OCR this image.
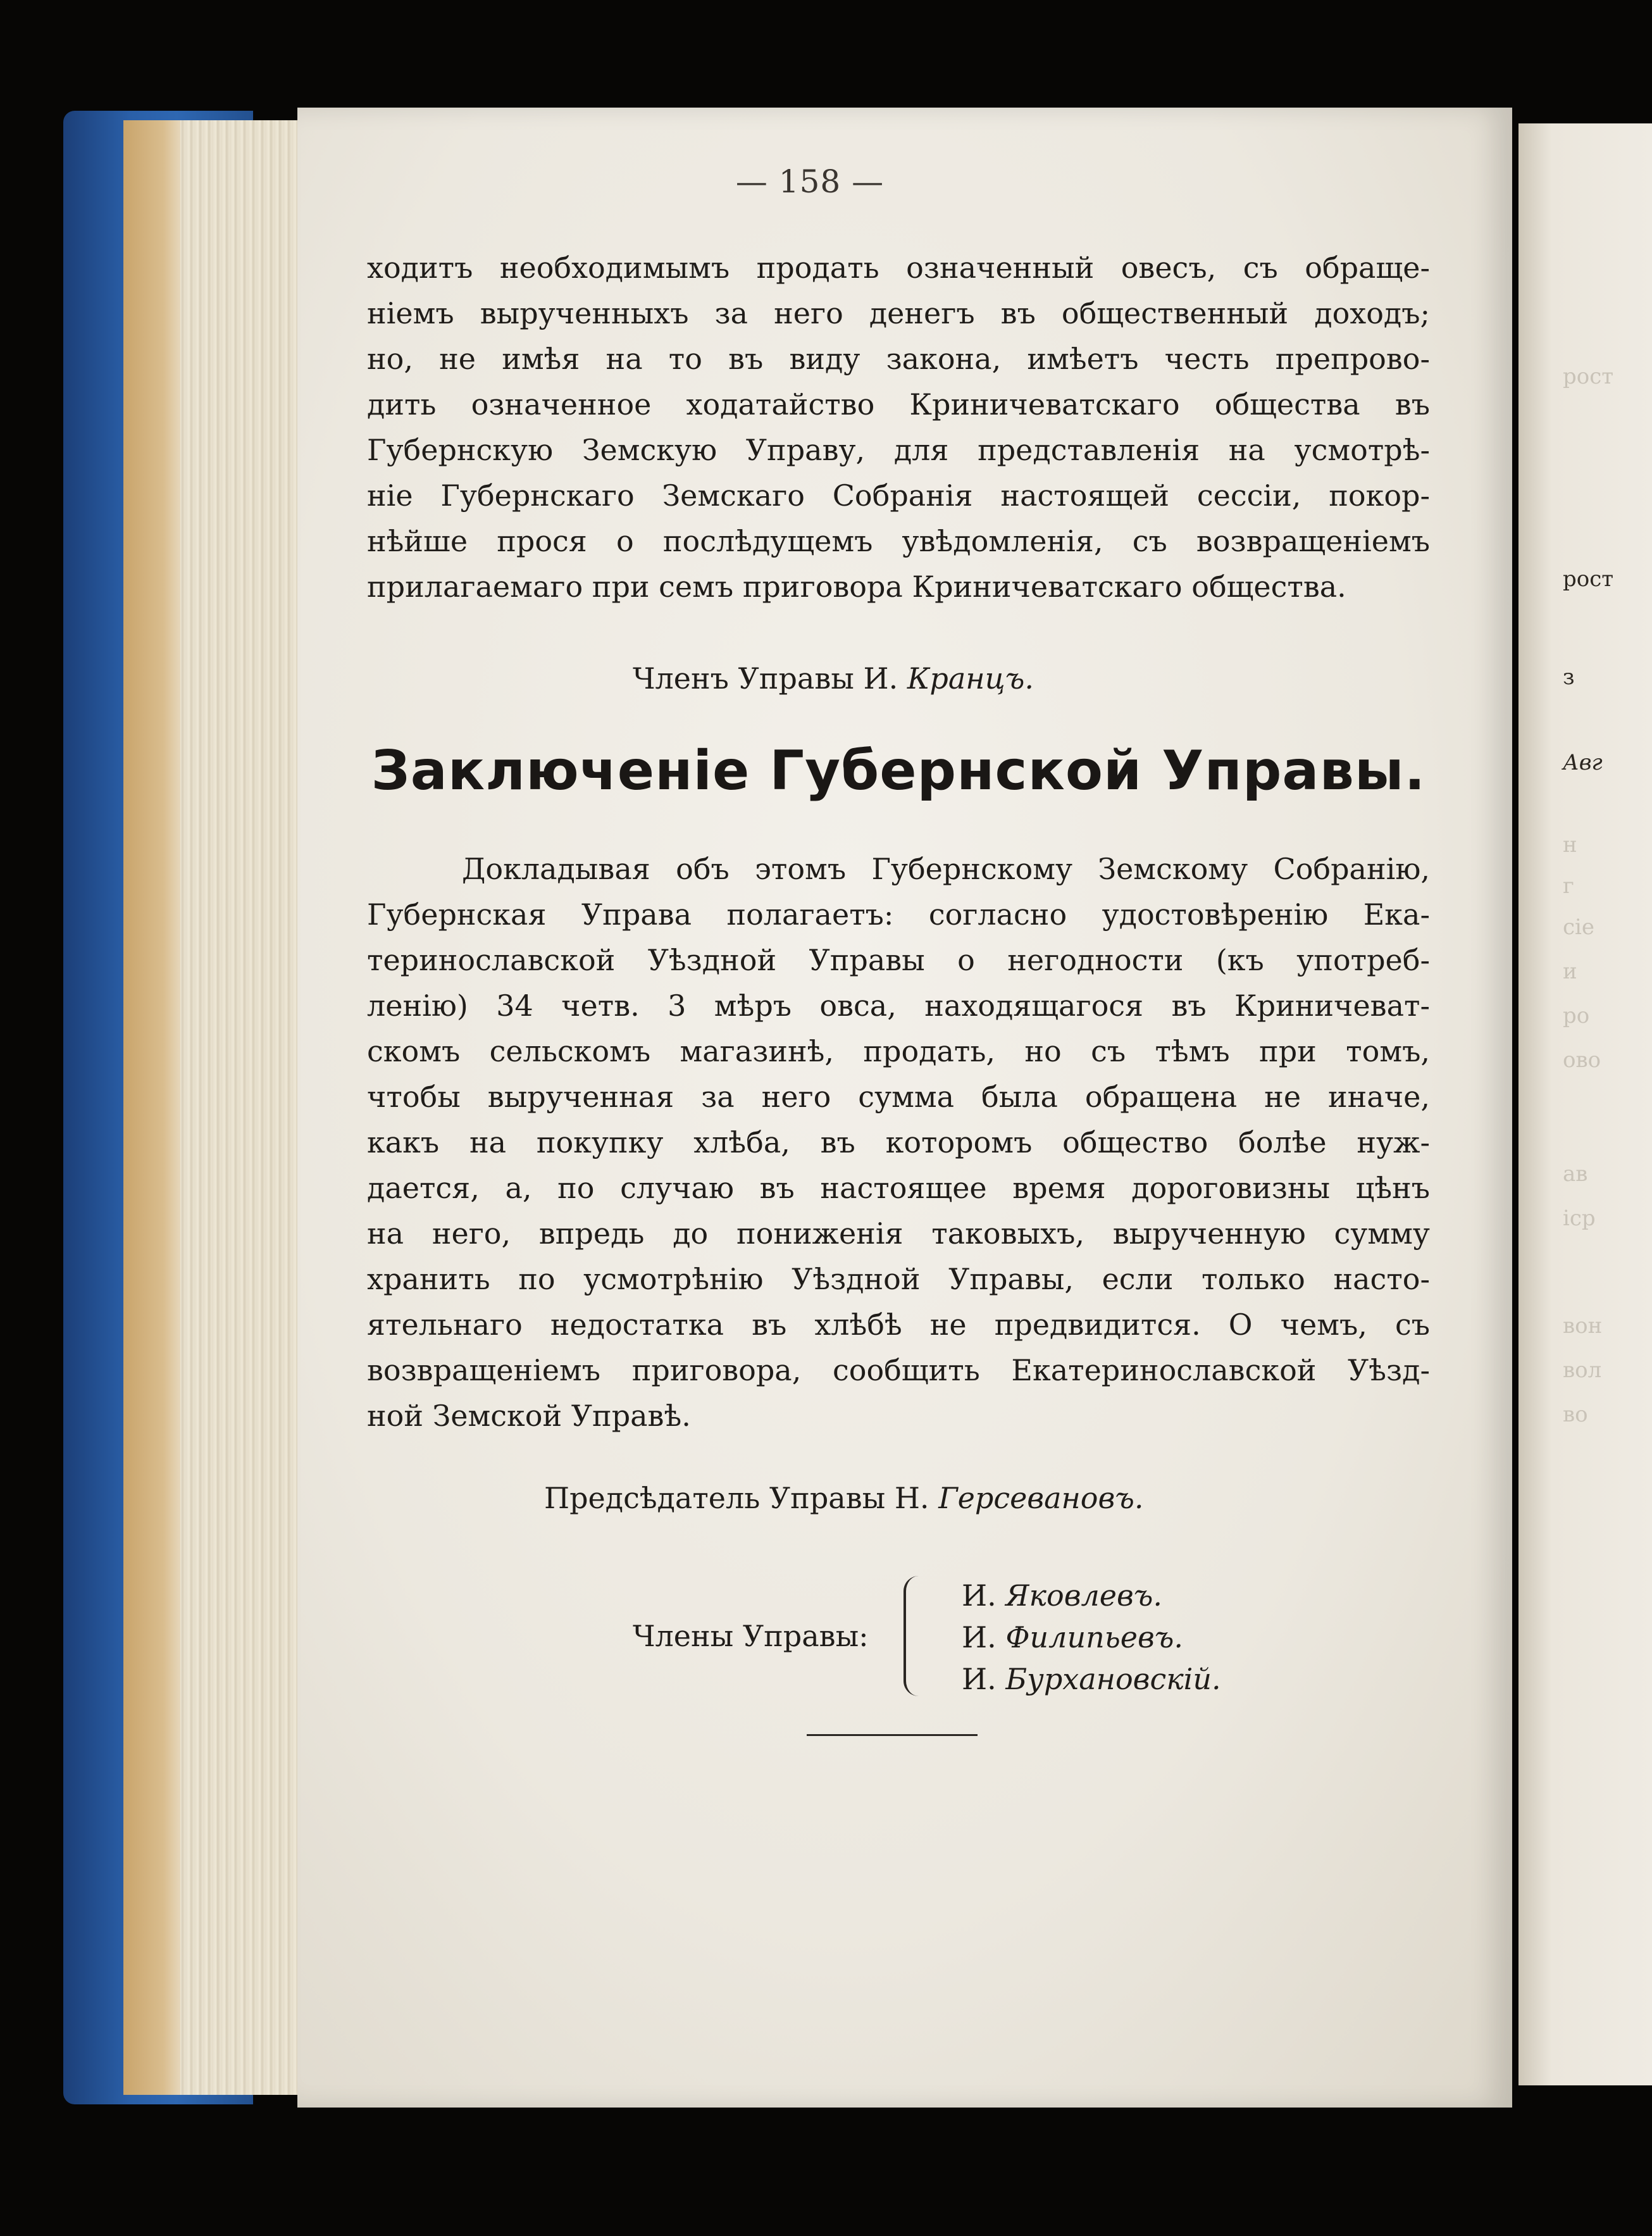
рост
рост
з
Авг
н
г
сіе
и
ро
ово
ав
іср
вон
вол
во
— 158 —
ходитъ необходимымъ продать означенный овесъ, съ обраще-
ніемъ вырученныхъ за него денегъ въ общественный доходъ;
но, не имѣя на то въ виду закона, имѣетъ честь препрово-
дить означенное ходатайство Криничеватскаго общества въ
Губернскую Земскую Управу, для представленія на усмотрѣ-
ніе Губернскаго Земскаго Собранія настоящей сессіи, покор-
нѣйше прося о послѣдущемъ увѣдомленія, съ возвращеніемъ
прилагаемаго при семъ приговора Криничеватскаго общества.
Членъ Управы И. Кранцъ.
Заключеніе Губернской Управы.
Докладывая объ этомъ Губернскому Земскому Собранію,
Губернская Управа полагаетъ: согласно удостовѣренію Ека-
теринославской Уѣздной Управы о негодности (къ употреб-
ленію) 34 четв. 3 мѣръ овса, находящагося въ Криничеват-
скомъ сельскомъ магазинѣ, продать, но съ тѣмъ при томъ,
чтобы вырученная за него сумма была обращена не иначе,
какъ на покупку хлѣба, въ которомъ общество болѣе нуж-
дается, а, по случаю въ настоящее время дороговизны цѣнъ
на него, впредь до пониженія таковыхъ, вырученную сумму
хранить по усмотрѣнію Уѣздной Управы, если только насто-
ятельнаго недостатка въ хлѣбѣ не предвидится. О чемъ, съ
возвращеніемъ приговора, сообщить Екатеринославской Уѣзд-
ной Земской Управѣ.
Предсѣдатель Управы Н. Герсевановъ.
Члены Управы:
И. Яковлевъ.
И. Филипьевъ.
И. Бурхановскій.
